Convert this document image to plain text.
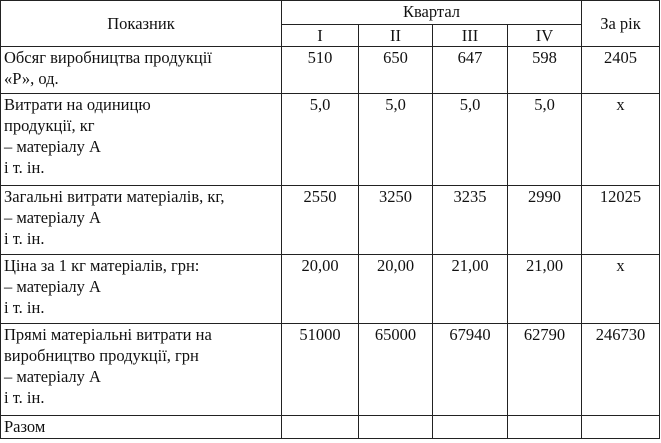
Показник	Квартал				За рік
	I	II	III	IV	

Обсяг виробництва продукції
«Р», од.	510	650	647	598	2405

Витрати на одиницю
продукції, кг
– матеріалу А
і т. ін.	5,0	5,0	5,0	5,0	х

Загальні витрати матеріалів, кг,
– матеріалу А
і т. ін.	2550	3250	3235	2990	12025

Ціна за 1 кг матеріалів, грн:
– матеріалу А
і т. ін.	20,00	20,00	21,00	21,00	х

Прямі матеріальні витрати на
виробництво продукції, грн
– матеріалу А
і т. ін.	51000	65000	67940	62790	246730

Разом					
